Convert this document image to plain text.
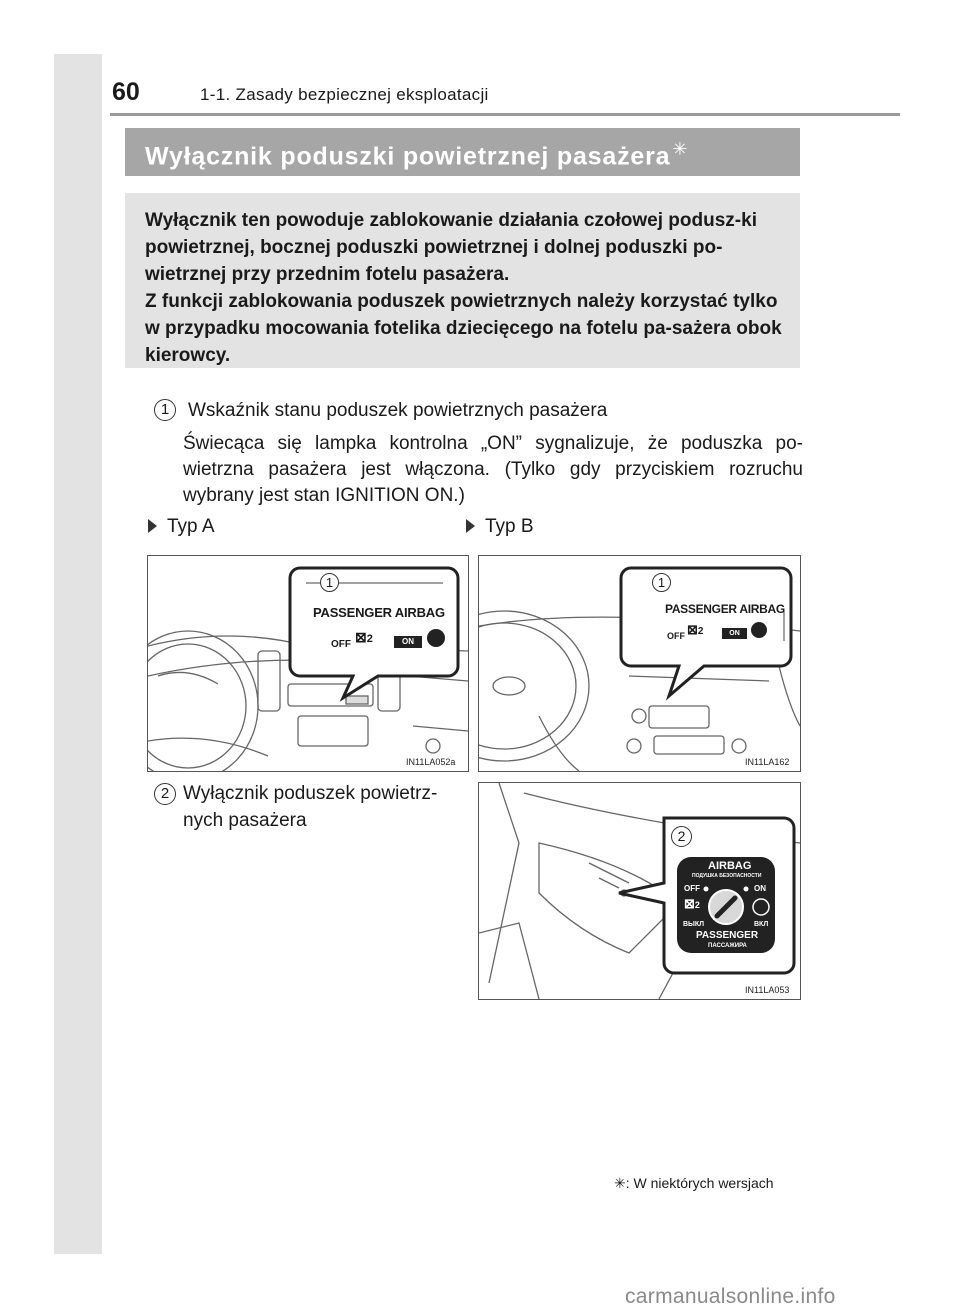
60	1-1. Zasady bezpiecznej eksploatacji
Wyłącznik poduszki powietrznej pasażera ✳

Wyłącznik ten powoduje zablokowanie działania czołowej podusz-ki powietrznej, bocznej poduszki powietrznej i dolnej poduszki po-wietrznej przy przednim fotelu pasażera.

Z funkcji zablokowania poduszek powietrznych należy korzystać tylko w przypadku mocowania fotelika dziecięcego na fotelu pa-sażera obok kierowcy.

1 Wskaźnik stanu poduszek powietrznych pasażera
Świecąca się lampka kontrolna „ON” sygnalizuje, że poduszka po-wietrzna pasażera jest włączona. (Tylko gdy przyciskiem rozruchu wybrany jest stan IGNITION ON.)
Typ A	Typ B
1
PASSENGER AIRBAG
OFF ⊠2	ON
IN11LA052a
1
PASSENGER AIRBAG
OFF ⊠2	ON
IN11LA162
2 Wyłącznik poduszek powietrz-nych pasażera
2
AIRBAG
ПОДУШКА БЕЗОПАСНОСТИ
OFF	ON
⊠2
ВЫКЛ	ВКЛ
PASSENGER
ПАССАЖИРА
IN11LA053
✳: W niektórych wersjach
carmanualsonline.info
